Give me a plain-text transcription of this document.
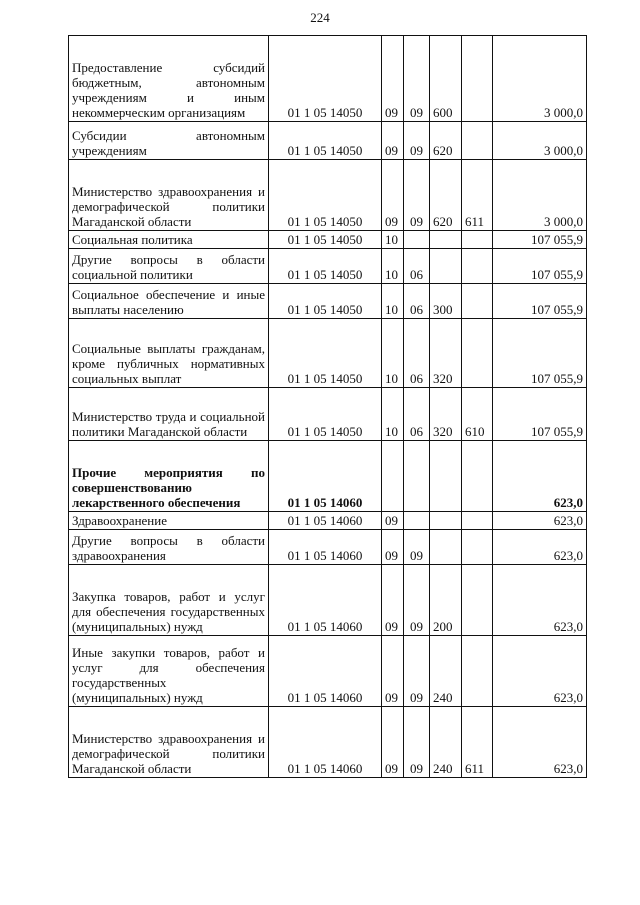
224
Предоставление субсидий бюджетным, автономным учреждениям и иным некоммерческим организациям	01 1 05 14050	09	09	600		3 000,0
Субсидии автономным учреждениям	01 1 05 14050	09	09	620		3 000,0
Министерство здравоохранения и демографической политики Магаданской области	01 1 05 14050	09	09	620	611	3 000,0
Социальная политика	01 1 05 14050	10				107 055,9
Другие вопросы в области социальной политики	01 1 05 14050	10	06			107 055,9
Социальное обеспечение и иные выплаты населению	01 1 05 14050	10	06	300		107 055,9
Социальные выплаты гражданам, кроме публичных нормативных социальных выплат	01 1 05 14050	10	06	320		107 055,9
Министерство труда и социальной политики Магаданской области	01 1 05 14050	10	06	320	610	107 055,9
Прочие мероприятия по совершенствованию лекарственного обеспечения	01 1 05 14060					623,0
Здравоохранение	01 1 05 14060	09				623,0
Другие вопросы в области здравоохранения	01 1 05 14060	09	09			623,0
Закупка товаров, работ и услуг для обеспечения государственных (муниципальных) нужд	01 1 05 14060	09	09	200		623,0
Иные закупки товаров, работ и услуг для обеспечения государственных (муниципальных) нужд	01 1 05 14060	09	09	240		623,0
Министерство здравоохранения и демографической политики Магаданской области	01 1 05 14060	09	09	240	611	623,0
